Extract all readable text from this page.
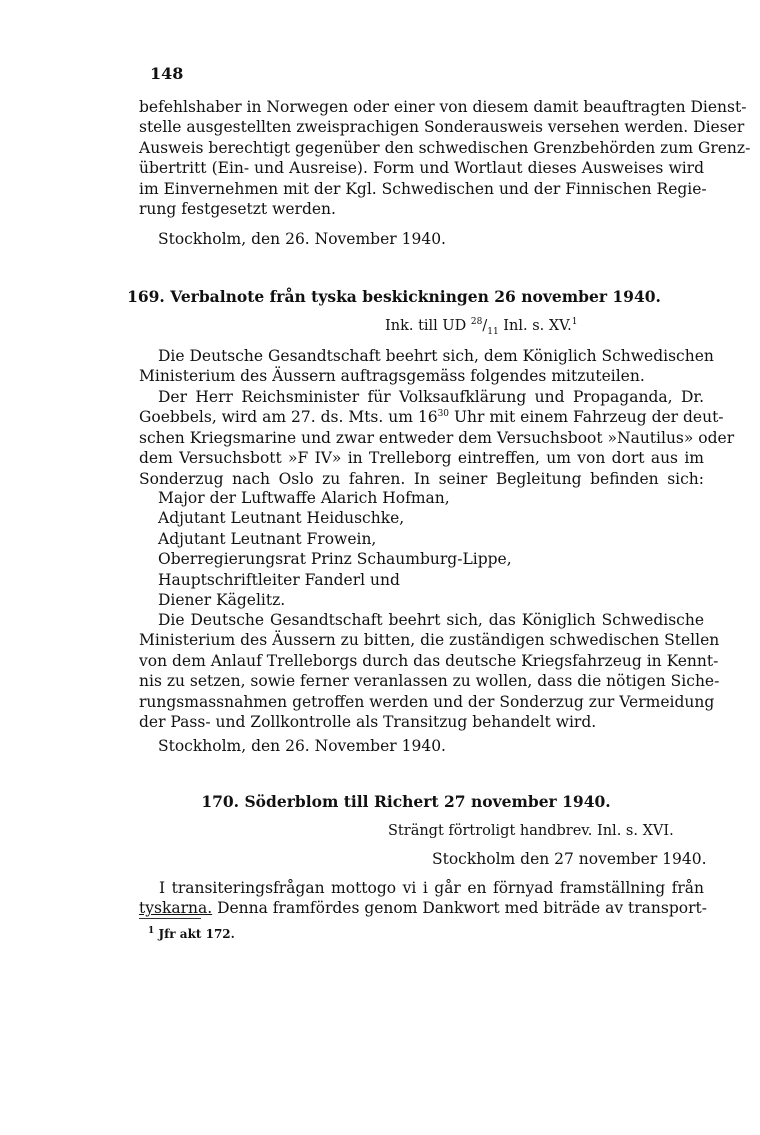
148
befehlshaber in Norwegen oder einer von diesem damit beauftragten Dienst-
stelle ausgestellten zweisprachigen Sonderausweis versehen werden. Dieser
Ausweis berechtigt gegenüber den schwedischen Grenzbehörden zum Grenz-
übertritt (Ein- und Ausreise). Form und Wortlaut dieses Ausweises wird
im Einvernehmen mit der Kgl. Schwedischen und der Finnischen Regie-
rung festgesetzt werden.
Stockholm, den 26. November 1940.
169. Verbalnote från tyska beskickningen 26 november 1940.
Ink. till UD $^{28}/_{11}$ Inl. s. XV.$^1$
Die Deutsche Gesandtschaft beehrt sich, dem Königlich Schwedischen
Ministerium des Äussern auftragsgemäss folgendes mitzuteilen.
Der Herr Reichsminister für Volksaufklärung und Propaganda, Dr.
Goebbels, wird am 27. ds. Mts. um $16^{30}$ Uhr mit einem Fahrzeug der deut-
schen Kriegsmarine und zwar entweder dem Versuchsboot »Nautilus» oder
dem Versuchsbott »F IV» in Trelleborg eintreffen, um von dort aus im
Sonderzug nach Oslo zu fahren. In seiner Begleitung befinden sich:
Major der Luftwaffe Alarich Hofman,
Adjutant Leutnant Heiduschke,
Adjutant Leutnant Frowein,
Oberregierungsrat Prinz Schaumburg-Lippe,
Hauptschriftleiter Fanderl und
Diener Kägelitz.
Die Deutsche Gesandtschaft beehrt sich, das Königlich Schwedische
Ministerium des Äussern zu bitten, die zuständigen schwedischen Stellen
von dem Anlauf Trelleborgs durch das deutsche Kriegsfahrzeug in Kennt-
nis zu setzen, sowie ferner veranlassen zu wollen, dass die nötigen Siche-
rungsmassnahmen getroffen werden und der Sonderzug zur Vermeidung
der Pass- und Zollkontrolle als Transitzug behandelt wird.
Stockholm, den 26. November 1940.
170. Söderblom till Richert 27 november 1940.
Strängt förtroligt handbrev. Inl. s. XVI.
Stockholm den 27 november 1940.
I transiteringsfrågan mottogo vi i går en förnyad framställning från
tyskarna. Denna framfördes genom Dankwort med biträde av transport-
$^1$ Jfr akt 172.
